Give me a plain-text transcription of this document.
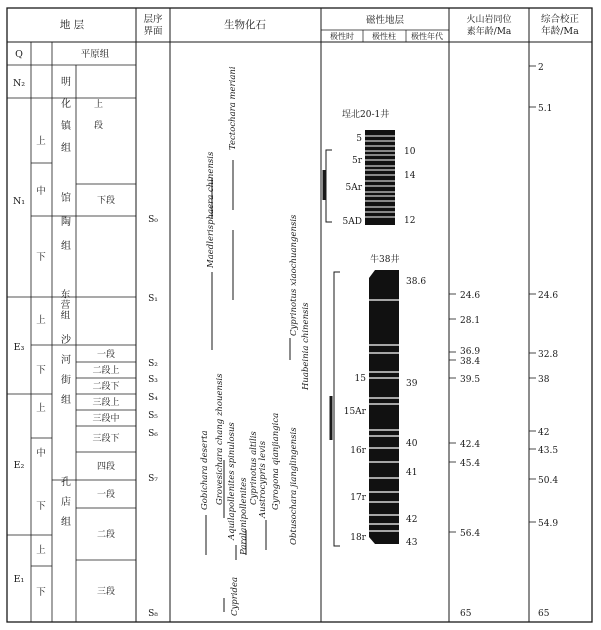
地 层	层序
界面
生物化石	磁性地层
极性时 极性柱 极性年代
火山岩同位
素年龄/Ma
综合校正
年龄/Ma
Q
N₂
N₁
E₃
E₂
E₁
上
中
下
上
下
上
中
下
上
下
平原组
明化镇组
馆陶组
东营组
沙河街组
孔店组
上段
下段
一段
二段上
二段下
三段上
三段中
三段下
四段
一段
二段
三段
S₀
S₁
S₂
S₃
S₄
S₅
S₆
S₇
S₈
Tectochara meriani
Maedlerisphaera chinensis
Gobichara deserta Grovesichara chang zhouensis Aquilapollenites spinulosus Paralanipollenites
Cyprinotus altilis Austrocypris levis Gyrogona qianjiangica Obtusochara jianglingensis
Cyprinotus xiaochuangensis
Huabeinia chinensis
Cypridea
埕北20-1井
5
5r
5Ar
5AD
10
14
12
牛38井
15
15Ar
16r
17r
18r
38.6
39
40
41
42
43
24.6
28.1
36.9
38.4
39.5
42.4
45.4
56.4
65
2
5.1
24.6
32.8
38
42
43.5
50.4
54.9
65
